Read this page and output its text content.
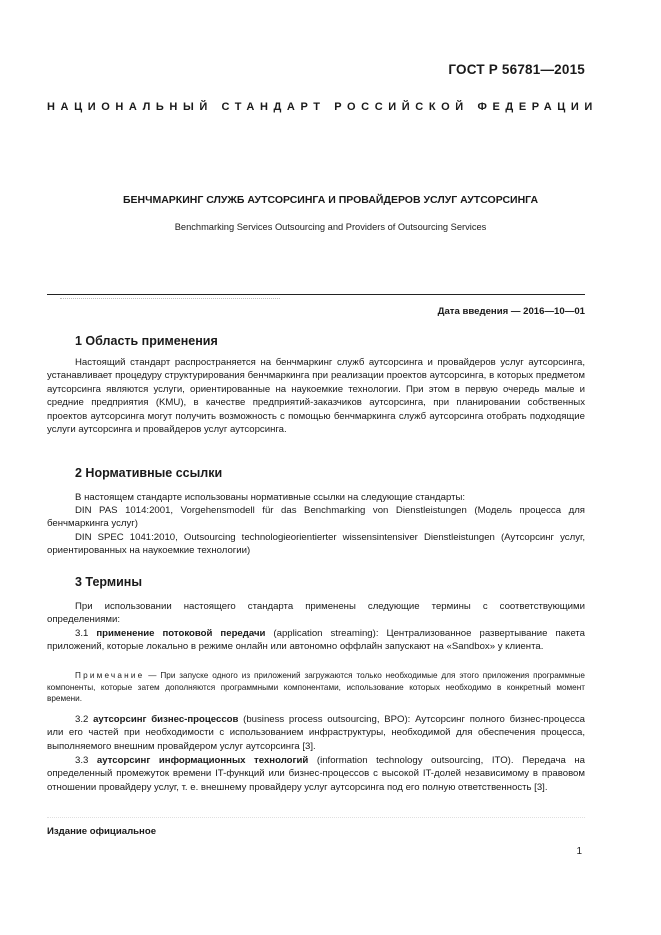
ГОСТ Р 56781—2015
НАЦИОНАЛЬНЫЙ СТАНДАРТ РОССИЙСКОЙ ФЕДЕРАЦИИ
БЕНЧМАРКИНГ СЛУЖБ АУТСОРСИНГА И ПРОВАЙДЕРОВ УСЛУГ АУТСОРСИНГА
Benchmarking Services Outsourcing and Providers of Outsourcing Services
Дата введения — 2016—10—01
1 Область применения
Настоящий стандарт распространяется на бенчмаркинг служб аутсорсинга и провайдеров услуг аутсорсинга, устанавливает процедуру структурирования бенчмаркинга при реализации проектов аутсорсинга, в которых предметом аутсорсинга являются услуги, ориентированные на наукоемкие технологии. При этом в первую очередь малые и средние предприятия (KMU), в качестве предприятий-заказчиков аутсорсинга, при планировании собственных проектов аутсорсинга могут получить возможность с помощью бенчмаркинга служб аутсорсинга отобрать подходящие услуги аутсорсинга и провайдеров услуг аутсорсинга.
2 Нормативные ссылки
В настоящем стандарте использованы нормативные ссылки на следующие стандарты:
DIN PAS 1014:2001, Vorgehensmodell für das Benchmarking von Dienstleistungen (Модель процесса для бенчмаркинга услуг)
DIN SPEC 1041:2010, Outsourcing technologieorientierter wissensintensiver Dienstleistungen (Аутсорсинг услуг, ориентированных на наукоемкие технологии)
3 Термины
При использовании настоящего стандарта применены следующие термины с соответствующими определениями:
3.1 применение потоковой передачи (application streaming): Централизованное развертывание пакета приложений, которые локально в режиме онлайн или автономно оффлайн запускают на «Sandbox» у клиента.
Примечание — При запуске одного из приложений загружаются только необходимые для этого приложения программные компоненты, которые затем дополняются программными компонентами, использование которых необходимо в конкретный момент времени.
3.2 аутсорсинг бизнес-процессов (business process outsourcing, BPO): Аутсорсинг полного бизнес-процесса или его частей при необходимости с использованием инфраструктуры, необходимой для обеспечения процесса, выполняемого внешним провайдером услуг аутсорсинга [3].
3.3 аутсорсинг информационных технологий (information technology outsourcing, ITO). Передача на определенный промежуток времени IT-функций или бизнес-процессов с высокой IT-долей независимому в правовом отношении провайдеру услуг, т. е. внешнему провайдеру услуг аутсорсинга под его полную ответственность [3].
Издание официальное
1
